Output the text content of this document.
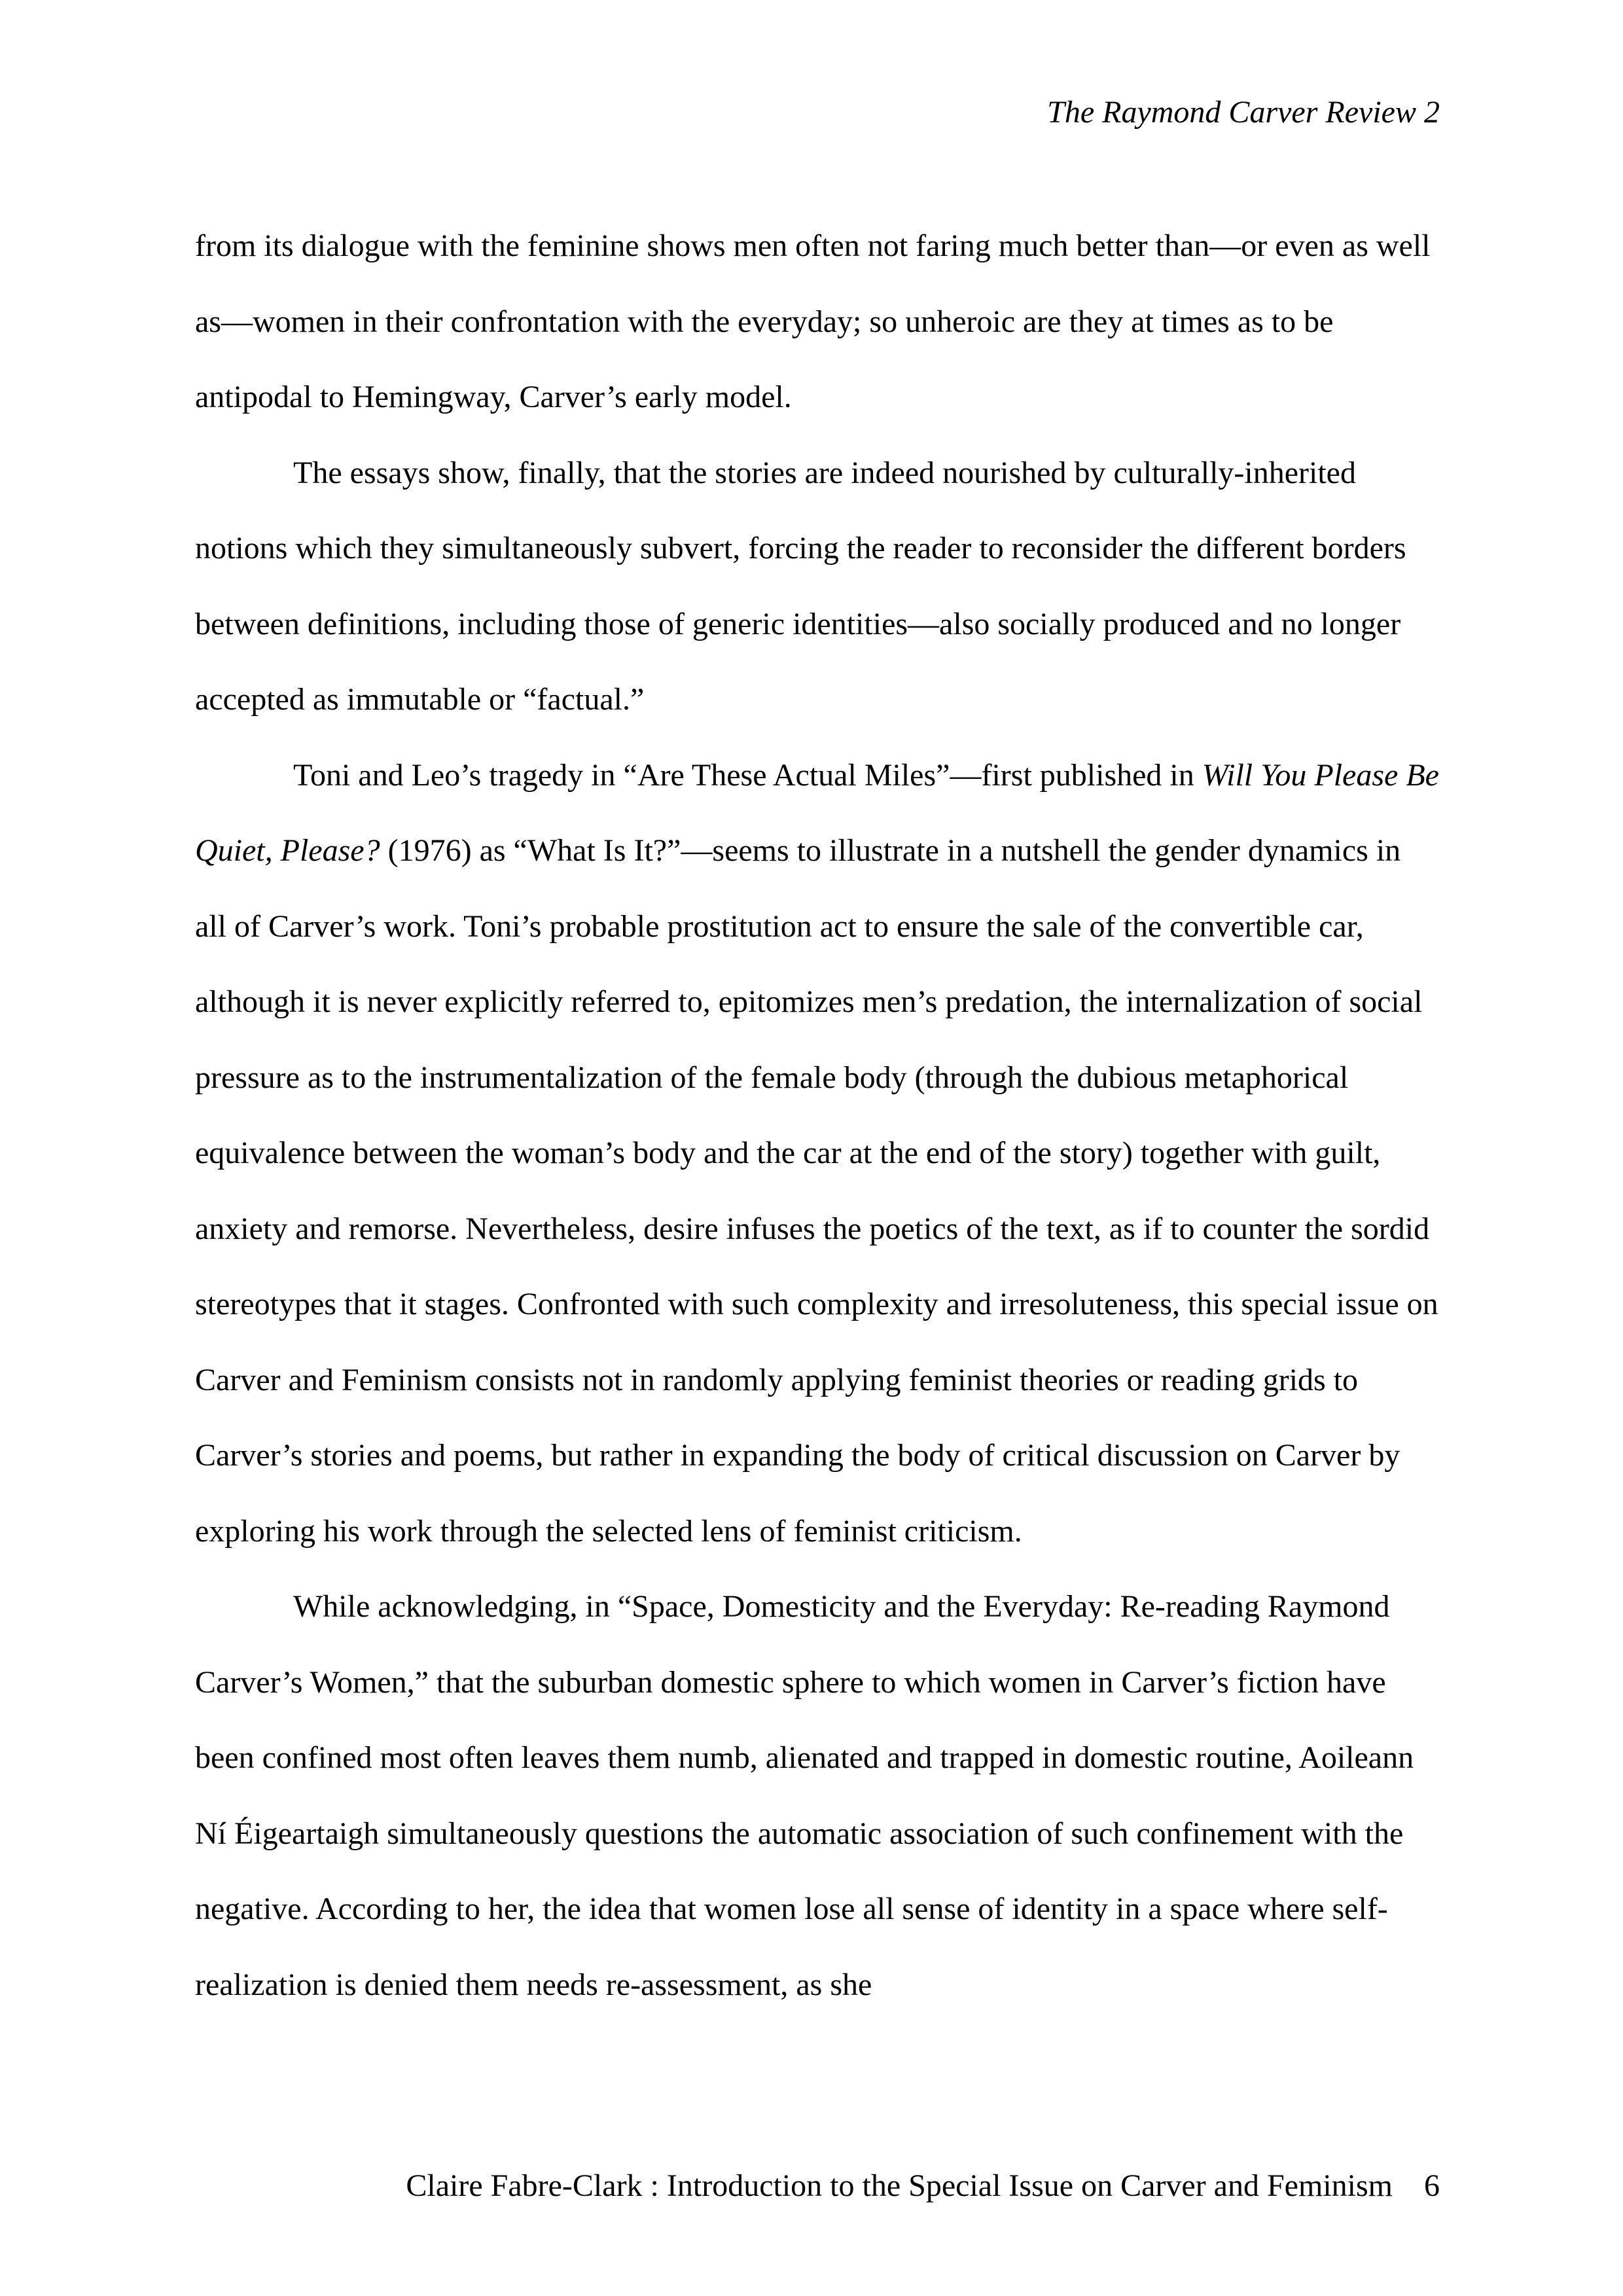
The Raymond Carver Review 2

from its dialogue with the feminine shows men often not faring much better than—or even as well as—women in their confrontation with the everyday; so unheroic are they at times as to be antipodal to Hemingway, Carver’s early model.

The essays show, finally, that the stories are indeed nourished by culturally-inherited notions which they simultaneously subvert, forcing the reader to reconsider the different borders between definitions, including those of generic identities—also socially produced and no longer accepted as immutable or “factual.”

Toni and Leo’s tragedy in “Are These Actual Miles”—first published in Will You Please Be Quiet, Please? (1976) as “What Is It?”—seems to illustrate in a nutshell the gender dynamics in all of Carver’s work. Toni’s probable prostitution act to ensure the sale of the convertible car, although it is never explicitly referred to, epitomizes men’s predation, the internalization of social pressure as to the instrumentalization of the female body (through the dubious metaphorical equivalence between the woman’s body and the car at the end of the story) together with guilt, anxiety and remorse. Nevertheless, desire infuses the poetics of the text, as if to counter the sordid stereotypes that it stages. Confronted with such complexity and irresoluteness, this special issue on Carver and Feminism consists not in randomly applying feminist theories or reading grids to Carver’s stories and poems, but rather in expanding the body of critical discussion on Carver by exploring his work through the selected lens of feminist criticism.

While acknowledging, in “Space, Domesticity and the Everyday: Re-reading Raymond Carver’s Women,” that the suburban domestic sphere to which women in Carver’s fiction have been confined most often leaves them numb, alienated and trapped in domestic routine, Aoileann Ní Éigeartaigh simultaneously questions the automatic association of such confinement with the negative. According to her, the idea that women lose all sense of identity in a space where self-realization is denied them needs re-assessment, as she

Claire Fabre-Clark : Introduction to the Special Issue on Carver and Feminism 6
